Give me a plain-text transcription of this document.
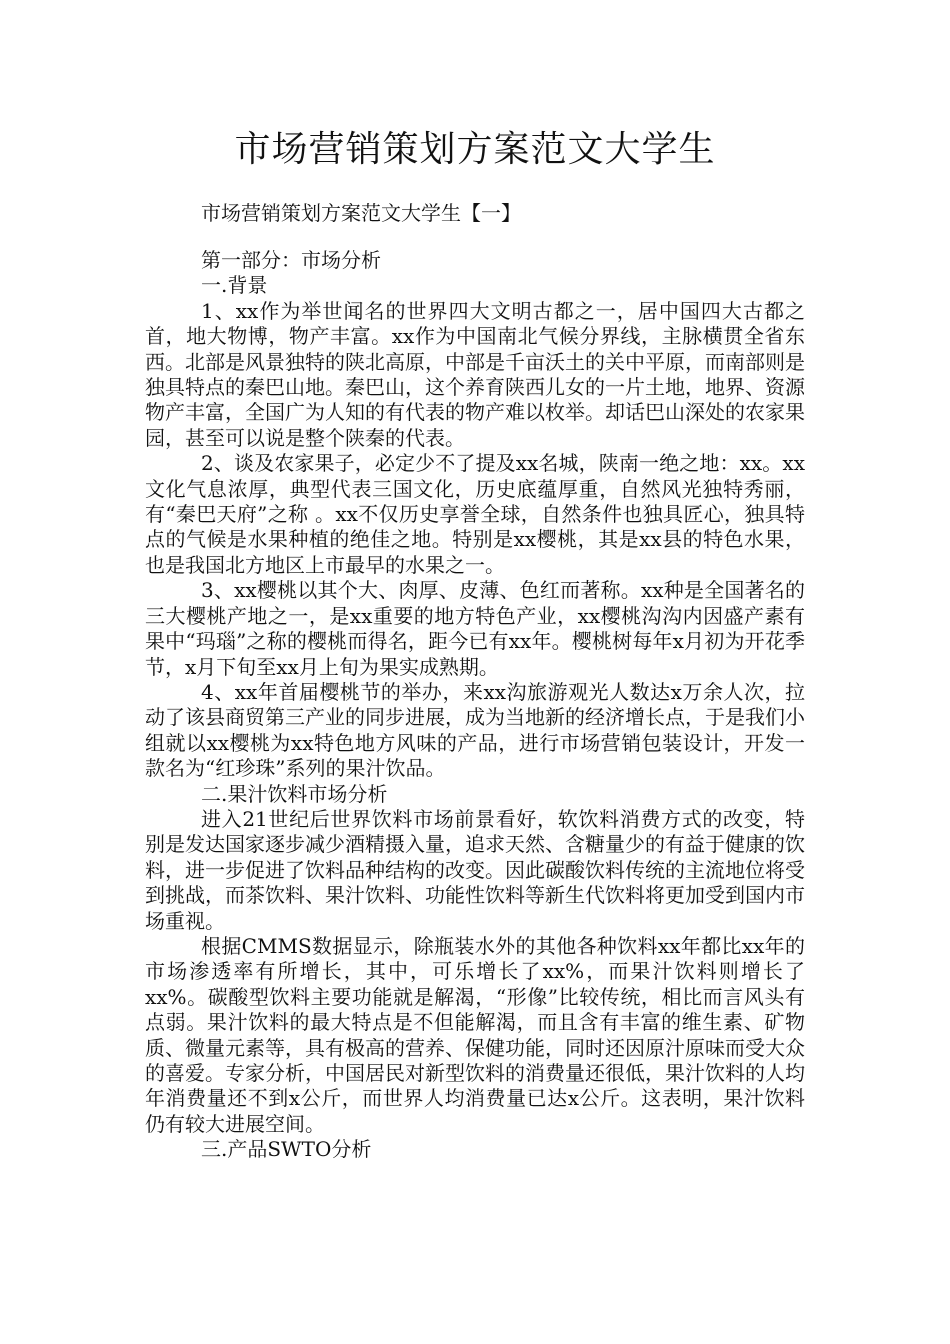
市场营销策划方案范文大学生
市场营销策划方案范文大学生【一】

第一部分：市场分析

一.背景

1、xx作为举世闻名的世界四大文明古都之一，居中国四大古都之首，地大物博，物产丰富。xx作为中国南北气候分界线，主脉横贯全省东西。北部是风景独特的陕北高原，中部是千亩沃土的关中平原，而南部则是独具特点的秦巴山地。秦巴山，这个养育陕西儿女的一片土地，地界、资源物产丰富，全国广为人知的有代表的物产难以枚举。却话巴山深处的农家果园，甚至可以说是整个陕秦的代表。

2、谈及农家果子，必定少不了提及xx名城，陕南一绝之地：xx。xx文化气息浓厚，典型代表三国文化，历史底蕴厚重，自然风光独特秀丽，有“秦巴天府”之称 。xx不仅历史享誉全球，自然条件也独具匠心，独具特点的气候是水果种植的绝佳之地。特别是xx樱桃，其是xx县的特色水果，也是我国北方地区上市最早的水果之一。

3、xx樱桃以其个大、肉厚、皮薄、色红而著称。xx种是全国著名的三大樱桃产地之一，是xx重要的地方特色产业，xx樱桃沟沟内因盛产素有果中“玛瑙”之称的樱桃而得名，距今已有xx年。樱桃树每年x月初为开花季节，x月下旬至xx月上旬为果实成熟期。

4、xx年首届樱桃节的举办，来xx沟旅游观光人数达x万余人次，拉动了该县商贸第三产业的同步进展，成为当地新的经济增长点，于是我们小组就以xx樱桃为xx特色地方风味的产品，进行市场营销包装设计，开发一款名为“红珍珠”系列的果汁饮品。

二.果汁饮料市场分析

进入21世纪后世界饮料市场前景看好，软饮料消费方式的改变，特别是发达国家逐步减少酒精摄入量，追求天然、含糖量少的有益于健康的饮料，进一步促进了饮料品种结构的改变。因此碳酸饮料传统的主流地位将受到挑战，而茶饮料、果汁饮料、功能性饮料等新生代饮料将更加受到国内市场重视。

根据CMMS数据显示，除瓶装水外的其他各种饮料xx年都比xx年的市场渗透率有所增长，其中，可乐增长了xx%，而果汁饮料则增长了xx%。碳酸型饮料主要功能就是解渴，“形像”比较传统，相比而言风头有点弱。果汁饮料的最大特点是不但能解渴，而且含有丰富的维生素、矿物质、微量元素等，具有极高的营养、保健功能，同时还因原汁原味而受大众的喜爱。专家分析，中国居民对新型饮料的消费量还很低，果汁饮料的人均年消费量还不到x公斤，而世界人均消费量已达x公斤。这表明，果汁饮料仍有较大进展空间。

三.产品SWTO分析
